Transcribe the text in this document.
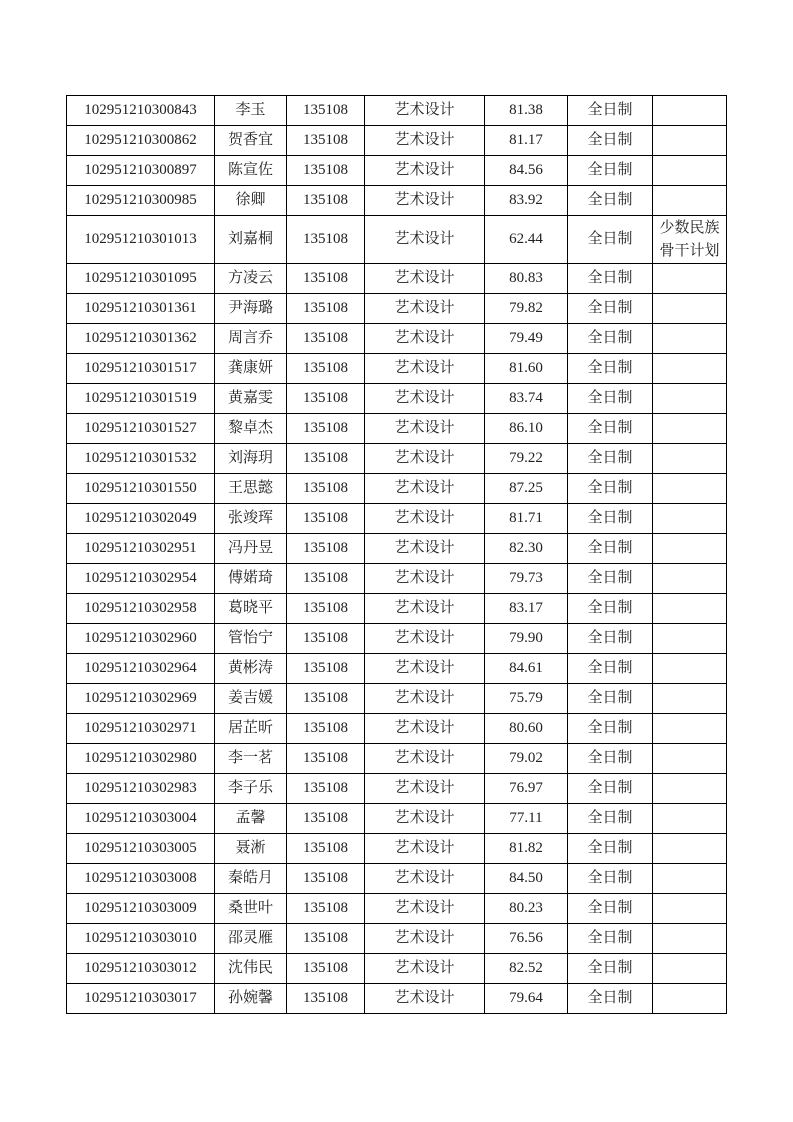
102951210300843	李玉	135108	艺术设计	81.38	全日制	
102951210300862	贺香宜	135108	艺术设计	81.17	全日制	
102951210300897	陈宣佐	135108	艺术设计	84.56	全日制	
102951210300985	徐卿	135108	艺术设计	83.92	全日制	
102951210301013	刘嘉桐	135108	艺术设计	62.44	全日制	少数民族骨干计划
102951210301095	方凌云	135108	艺术设计	80.83	全日制	
102951210301361	尹海璐	135108	艺术设计	79.82	全日制	
102951210301362	周言乔	135108	艺术设计	79.49	全日制	
102951210301517	龚康妍	135108	艺术设计	81.60	全日制	
102951210301519	黄嘉雯	135108	艺术设计	83.74	全日制	
102951210301527	黎卓杰	135108	艺术设计	86.10	全日制	
102951210301532	刘海玥	135108	艺术设计	79.22	全日制	
102951210301550	王思懿	135108	艺术设计	87.25	全日制	
102951210302049	张竣珲	135108	艺术设计	81.71	全日制	
102951210302951	冯丹昱	135108	艺术设计	82.30	全日制	
102951210302954	傅婼琦	135108	艺术设计	79.73	全日制	
102951210302958	葛晓平	135108	艺术设计	83.17	全日制	
102951210302960	管怡宁	135108	艺术设计	79.90	全日制	
102951210302964	黄彬涛	135108	艺术设计	84.61	全日制	
102951210302969	姜吉媛	135108	艺术设计	75.79	全日制	
102951210302971	居芷昕	135108	艺术设计	80.60	全日制	
102951210302980	李一茗	135108	艺术设计	79.02	全日制	
102951210302983	李子乐	135108	艺术设计	76.97	全日制	
102951210303004	孟馨	135108	艺术设计	77.11	全日制	
102951210303005	聂淅	135108	艺术设计	81.82	全日制	
102951210303008	秦皓月	135108	艺术设计	84.50	全日制	
102951210303009	桑世叶	135108	艺术设计	80.23	全日制	
102951210303010	邵灵雁	135108	艺术设计	76.56	全日制	
102951210303012	沈伟民	135108	艺术设计	82.52	全日制	
102951210303017	孙婉馨	135108	艺术设计	79.64	全日制	
